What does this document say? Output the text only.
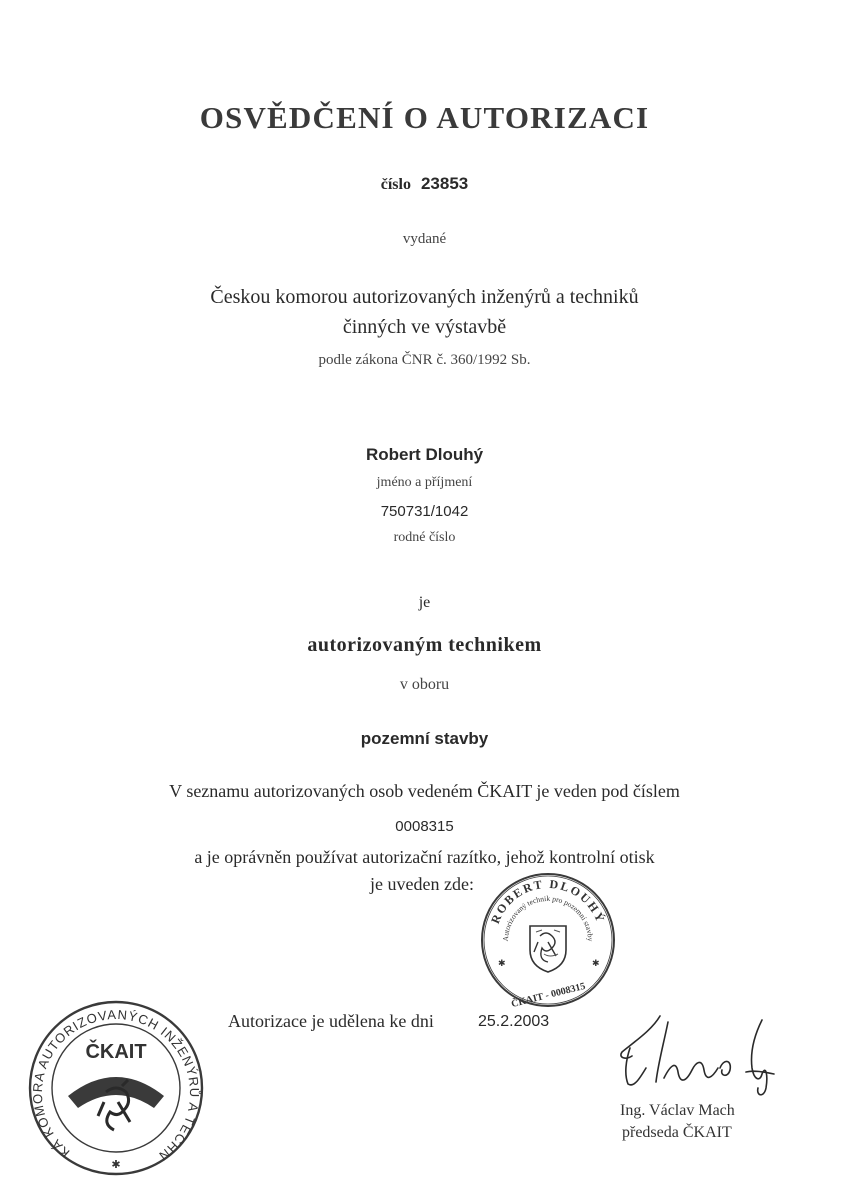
OSVĚDČENÍ O AUTORIZACI
číslo 23853
vydané
Českou komorou autorizovaných inženýrů a techniků
činných ve výstavbě
podle zákona ČNR č. 360/1992 Sb.
Robert Dlouhý
jméno a příjmení
750731/1042
rodné číslo
je
autorizovaným technikem
v oboru
pozemní stavby
V seznamu autorizovaných osob vedeném ČKAIT je veden pod číslem
0008315
a je oprávněn používat autorizační razítko, jehož kontrolní otisk
je uveden zde:
ROBERT DLOUHÝ
Autorizovaný technik pro pozemní stavby
✱	✱
ČKAIT - 0008315
ČESKÁ KOMORA AUTORIZOVANÝCH INŽENÝRŮ A TECHNIKŮ
ČKAIT
✱
Autorizace je udělena ke dni	25.2.2003
Ing. Václav Mach
předseda ČKAIT
